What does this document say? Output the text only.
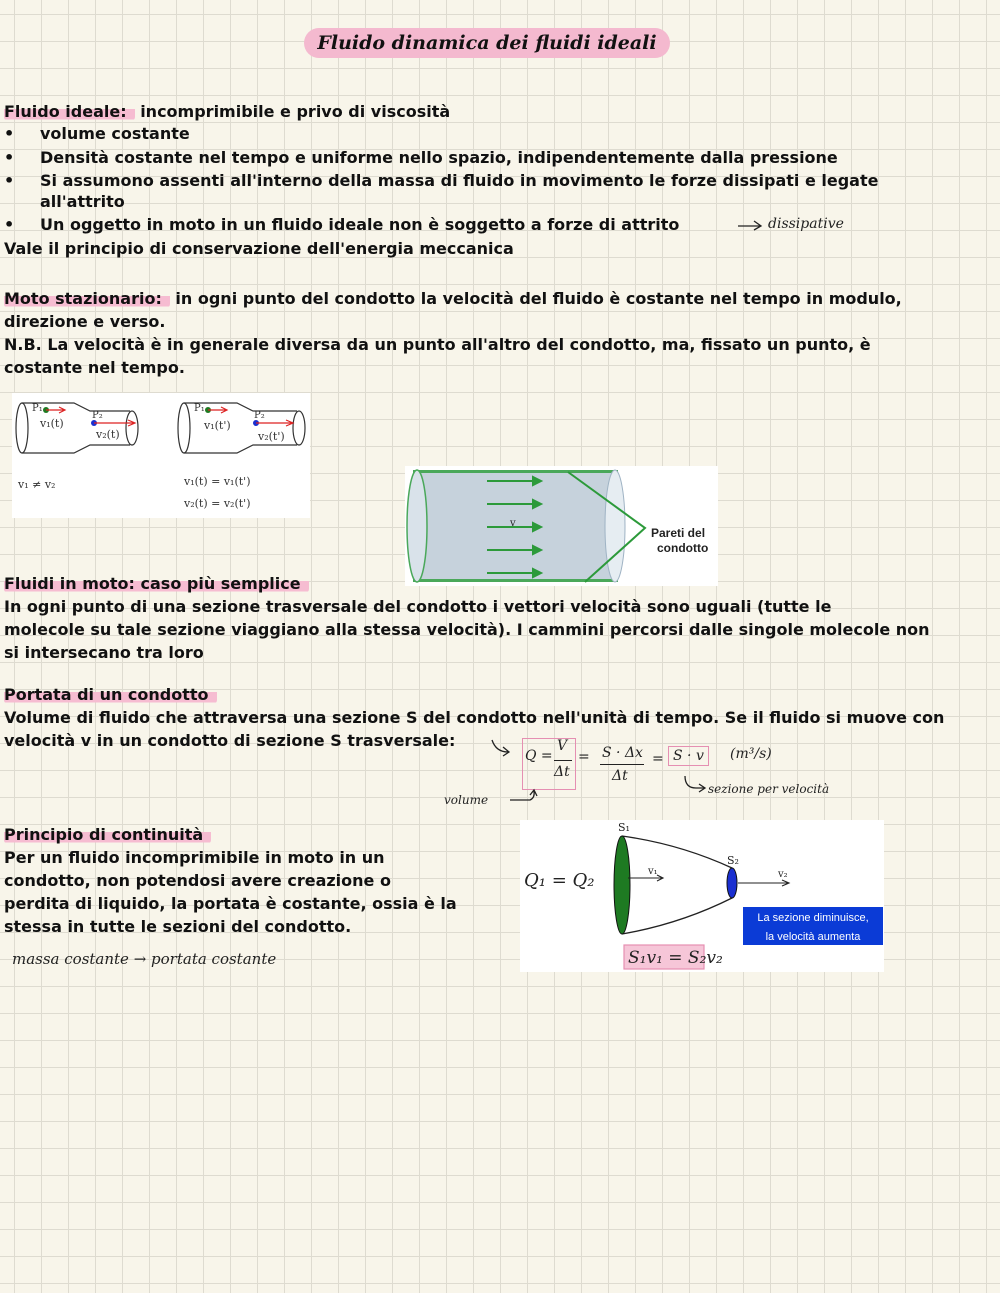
Fluido dinamica dei fluidi ideali
Fluido ideale: incomprimibile e privo di viscosità
• volume costante
• Densità costante nel tempo e uniforme nello spazio, indipendentemente dalla pressione
• Si assumono assenti all'interno della massa di fluido in movimento le forze dissipati e legate
all'attrito
• Un oggetto in moto in un fluido ideale non è soggetto a forze di attrito	dissipative
Vale il principio di conservazione dell'energia meccanica
Moto stazionario: in ogni punto del condotto la velocità del fluido è costante nel tempo in modulo,
direzione e verso.
N.B. La velocità è in generale diversa da un punto all'altro del condotto, ma, fissato un punto, è
costante nel tempo.
P₁
P₂
v₁(t)
v₂(t)
P₁
P₂
v₁(t')
v₂(t')
v₁ ≠ v₂	v₁(t) = v₁(t')
v₂(t) = v₂(t')
v
Pareti del
condotto
Fluidi in moto: caso più semplice
In ogni punto di una sezione trasversale del condotto i vettori velocità sono uguali (tutte le
molecole su tale sezione viaggiano alla stessa velocità). I cammini percorsi dalle singole molecole non
si intersecano tra loro
Portata di un condotto
Volume di fluido che attraversa una sezione S del condotto nell'unità di tempo. Se il fluido si muove con
velocità v in un condotto di sezione S trasversale:
Q =
V
Δt
= S · Δx
Δt
= S · v	(m³/s)
sezione per velocità
volume
Principio di continuità
Per un fluido incomprimibile in moto in un
condotto, non potendosi avere creazione o
perdita di liquido, la portata è costante, ossia è la
stessa in tutte le sezioni del condotto.
massa costante → portata costante
S₁
S₂
v₁	v₂
Q₁ = Q₂
La sezione diminuisce,
la velocità aumenta
S₁v₁ = S₂v₂
